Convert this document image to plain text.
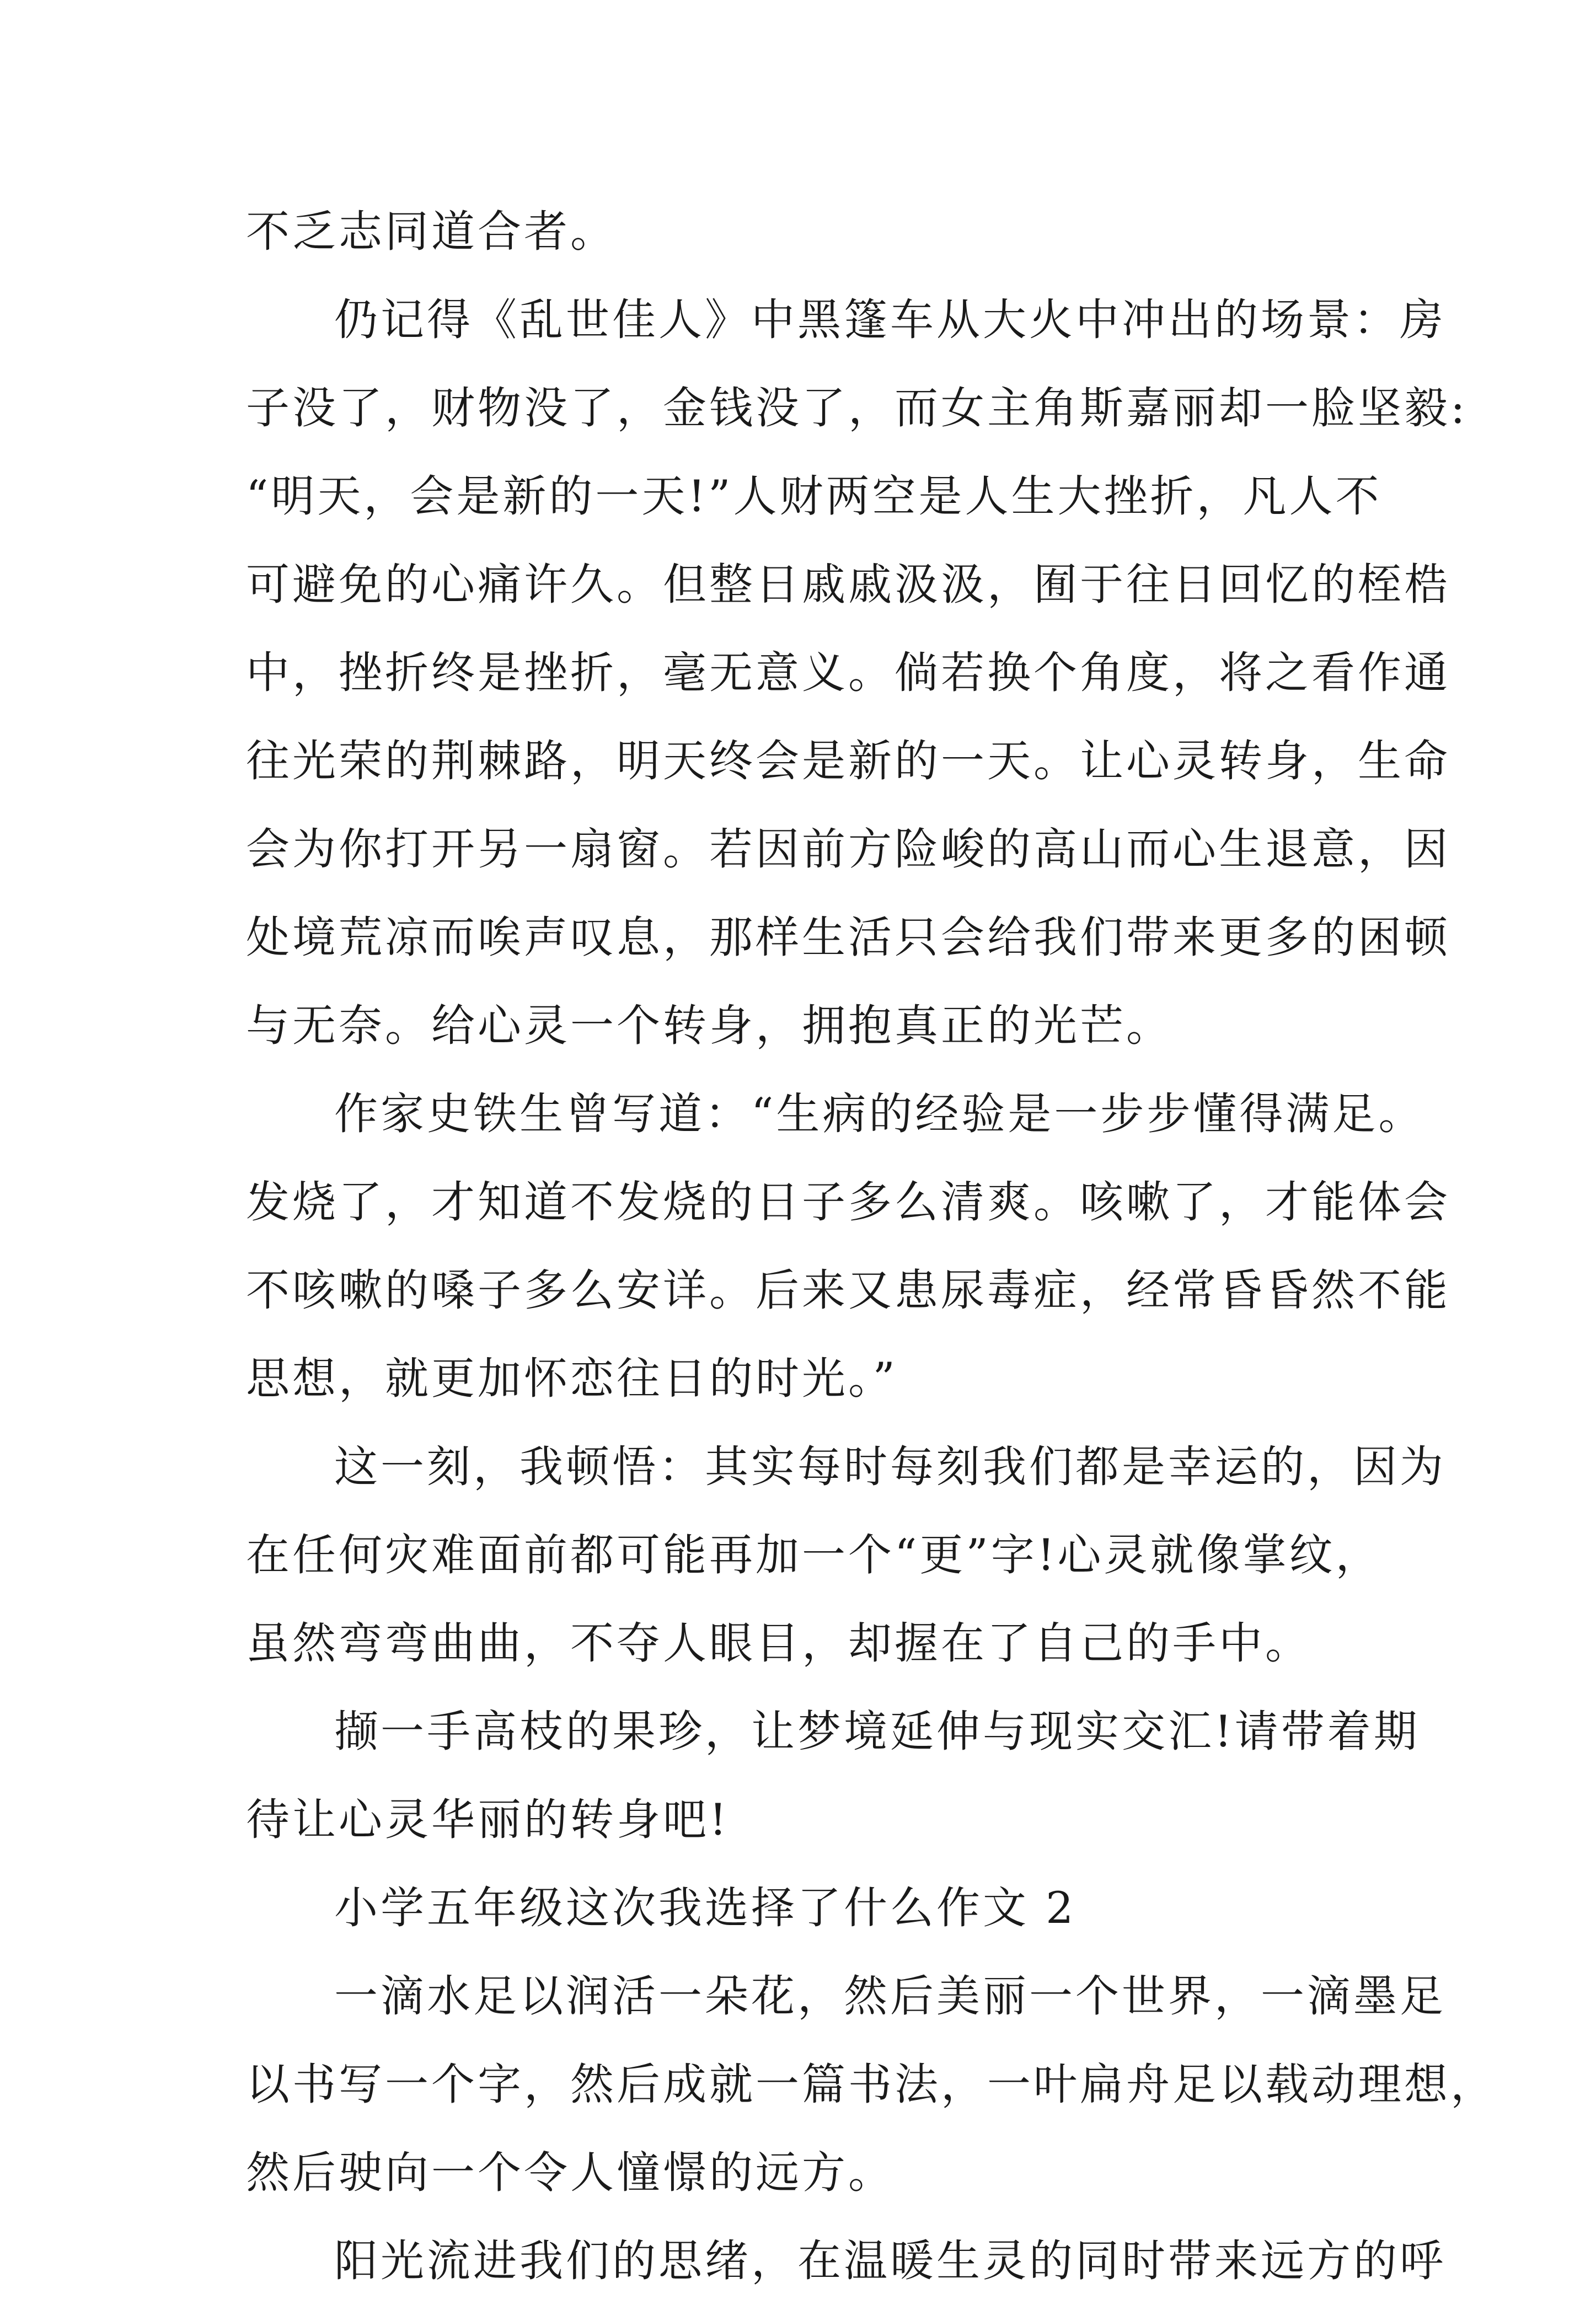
不乏志同道合者。
仍记得《乱世佳人》中黑篷车从大火中冲出的场景：房
子没了，财物没了，金钱没了，而女主角斯嘉丽却一脸坚毅:
“明天，会是新的一天!”人财两空是人生大挫折，凡人不
可避免的心痛许久。但整日戚戚汲汲，囿于往日回忆的桎梏
中，挫折终是挫折，毫无意义。倘若换个角度，将之看作通
往光荣的荆棘路，明天终会是新的一天。让心灵转身，生命
会为你打开另一扇窗。若因前方险峻的高山而心生退意，因
处境荒凉而唉声叹息，那样生活只会给我们带来更多的困顿
与无奈。给心灵一个转身，拥抱真正的光芒。
作家史铁生曾写道：“生病的经验是一步步懂得满足。
发烧了，才知道不发烧的日子多么清爽。咳嗽了，才能体会
不咳嗽的嗓子多么安详。后来又患尿毒症，经常昏昏然不能
思想，就更加怀恋往日的时光。”
这一刻，我顿悟：其实每时每刻我们都是幸运的，因为
在任何灾难面前都可能再加一个“更”字!心灵就像掌纹，
虽然弯弯曲曲，不夺人眼目，却握在了自己的手中。
撷一手高枝的果珍，让梦境延伸与现实交汇!请带着期
待让心灵华丽的转身吧!
小学五年级这次我选择了什么作文 2
一滴水足以润活一朵花，然后美丽一个世界，一滴墨足
以书写一个字，然后成就一篇书法，一叶扁舟足以载动理想，
然后驶向一个令人憧憬的远方。
阳光流进我们的思绪，在温暖生灵的同时带来远方的呼
